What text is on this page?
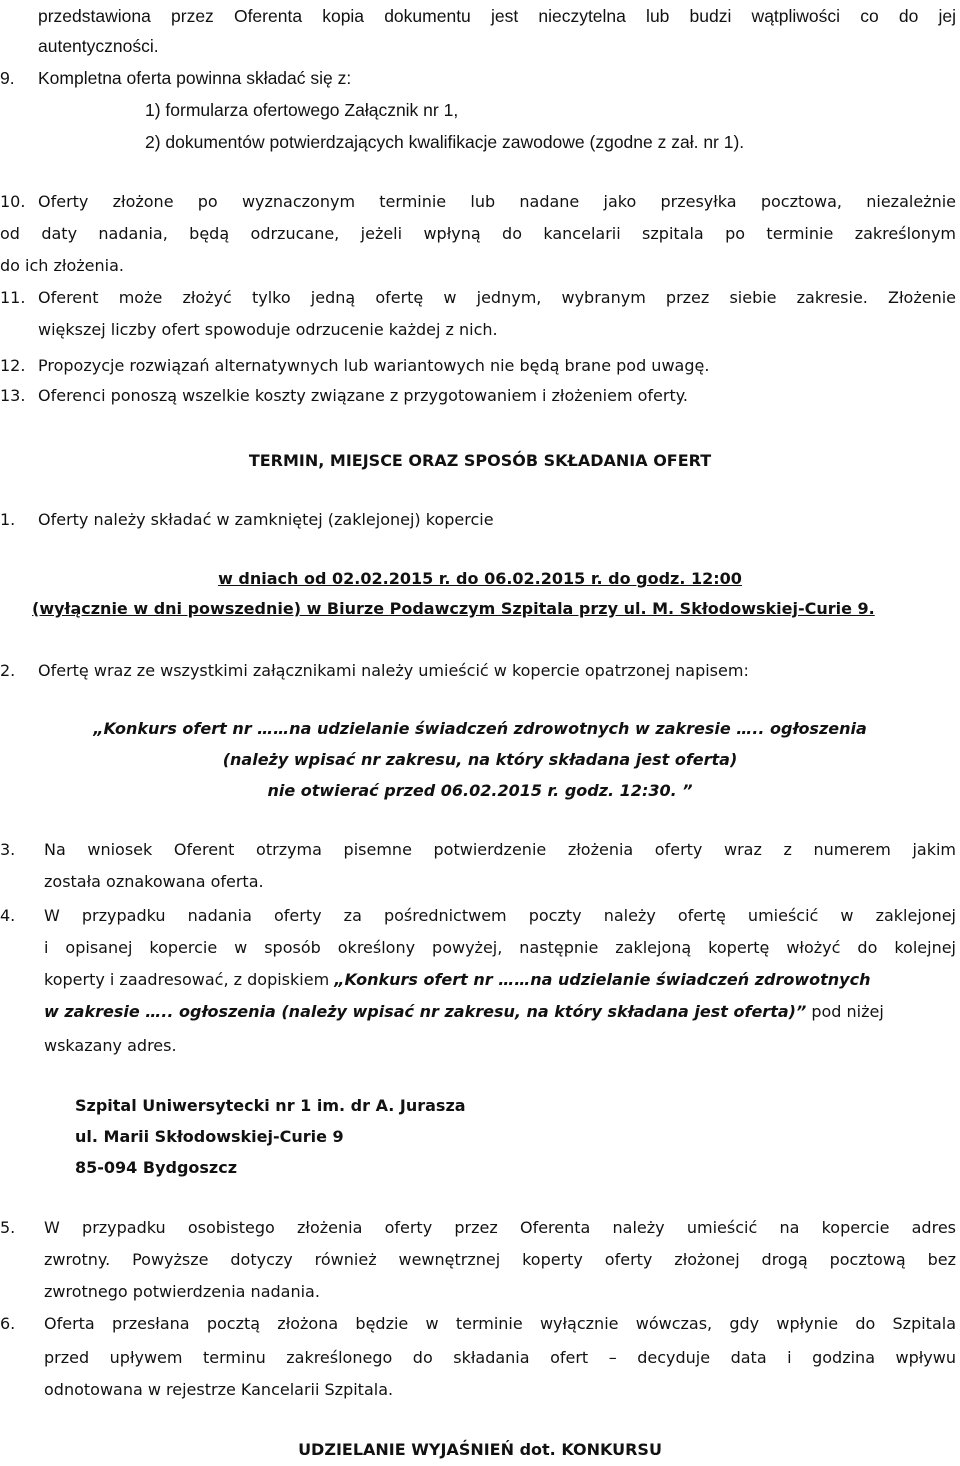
przedstawiona przez Oferenta kopia dokumentu jest nieczytelna lub budzi wątpliwości co do jej
autentyczności.
9. Kompletna oferta powinna składać się z:
1) formularza ofertowego Załącznik nr 1,
2) dokumentów potwierdzających kwalifikacje zawodowe (zgodne z zał. nr 1).
10. Oferty złożone po wyznaczonym terminie lub nadane jako przesyłka pocztowa, niezależnie
od daty nadania, będą odrzucane, jeżeli wpłyną do kancelarii szpitala po terminie zakreślonym
do ich złożenia.
11. Oferent może złożyć tylko jedną ofertę w jednym, wybranym przez siebie zakresie. Złożenie
większej liczby ofert spowoduje odrzucenie każdej z nich.
12. Propozycje rozwiązań alternatywnych lub wariantowych nie będą brane pod uwagę.
13. Oferenci ponoszą wszelkie koszty związane z przygotowaniem i złożeniem oferty.
TERMIN, MIEJSCE ORAZ SPOSÓB SKŁADANIA OFERT
1. Oferty należy składać w zamkniętej (zaklejonej) kopercie
w dniach od 02.02.2015 r. do 06.02.2015 r. do godz. 12:00
(wyłącznie w dni powszednie) w Biurze Podawczym Szpitala przy ul. M. Skłodowskiej-Curie 9.
2. Ofertę wraz ze wszystkimi załącznikami należy umieścić w kopercie opatrzonej napisem:
„Konkurs ofert nr ……na udzielanie świadczeń zdrowotnych w zakresie ….. ogłoszenia
(należy wpisać nr zakresu, na który składana jest oferta)
nie otwierać przed 06.02.2015 r. godz. 12:30. ”
3. Na wniosek Oferent otrzyma pisemne potwierdzenie złożenia oferty wraz z numerem jakim
została oznakowana oferta.
4. W przypadku nadania oferty za pośrednictwem poczty należy ofertę umieścić w zaklejonej
i opisanej kopercie w sposób określony powyżej, następnie zaklejoną kopertę włożyć do kolejnej
koperty i zaadresować, z dopiskiem „Konkurs ofert nr ……na udzielanie świadczeń zdrowotnych
w zakresie ….. ogłoszenia (należy wpisać nr zakresu, na który składana jest oferta)” pod niżej
wskazany adres.
Szpital Uniwersytecki nr 1 im. dr A. Jurasza
ul. Marii Skłodowskiej-Curie 9
85-094 Bydgoszcz
5. W przypadku osobistego złożenia oferty przez Oferenta należy umieścić na kopercie adres
zwrotny. Powyższe dotyczy również wewnętrznej koperty oferty złożonej drogą pocztową bez
zwrotnego potwierdzenia nadania.
6. Oferta przesłana pocztą złożona będzie w terminie wyłącznie wówczas, gdy wpłynie do Szpitala
przed upływem terminu zakreślonego do składania ofert – decyduje data i godzina wpływu
odnotowana w rejestrze Kancelarii Szpitala.
UDZIELANIE WYJAŚNIEŃ dot. KONKURSU
